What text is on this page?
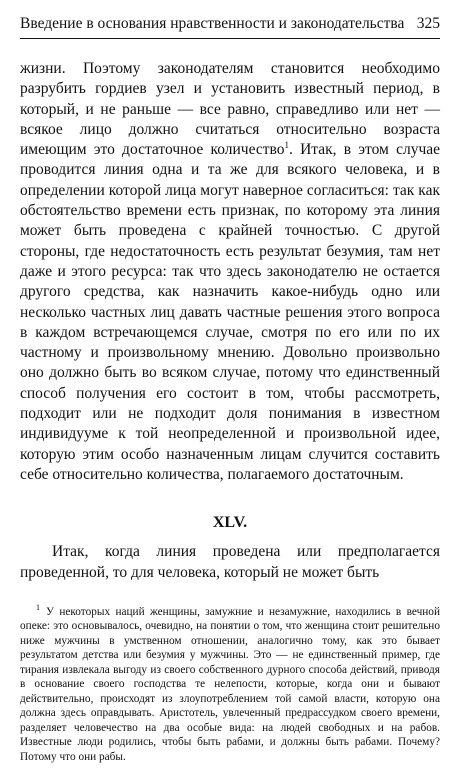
Введение в основания нравственности и законодательства 325

жизни. Поэтому законодателям становится необходимо разрубить гордиев узел и установить известный период, в который, и не раньше — все равно, справедливо или нет — всякое лицо должно считаться относительно возраста имеющим это достаточное количество$^1$. Итак, в этом случае проводится линия одна и та же для всякого человека, и в определении которой лица могут наверное согласиться: так как обстоятельство времени есть признак, по которому эта линия может быть проведена с крайней точностью. С другой стороны, где недостаточность есть результат безумия, там нет даже и этого ресурса: так что здесь законодателю не остается другого средства, как назначить какое-нибудь одно или несколько частных лиц давать частные решения этого вопроса в каждом встречающемся случае, смотря по его или по их частному и произвольному мнению. Довольно произвольно оно должно быть во всяком случае, потому что единственный способ получения его состоит в том, чтобы рассмотреть, подходит или не подходит доля понимания в известном индивидууме к той неопределенной и произвольной идее, которую этим особо назначенным лицам случится составить себе относительно количества, полагаемого достаточным.

XLV.

Итак, когда линия проведена или предполагается проведенной, то для человека, который не может быть

$^1$ У некоторых наций женщины, замужние и незамужние, находились в вечной опеке: это основывалось, очевидно, на понятии о том, что женщина стоит решительно ниже мужчины в умственном отношении, аналогично тому, как это бывает результатом детства или безумия у мужчины. Это — не единственный пример, где тирания извлекала выгоду из своего собственного дурного способа действий, приводя в основание своего господства те нелепости, которые, когда они и бывают действительно, происходят из злоупотреблением той самой власти, которую она должна здесь оправдывать. Аристотель, увлеченный предрассудком своего времени, разделяет человечество на два особые вида: на людей свободных и на рабов. Известные люди родились, чтобы быть рабами, и должны быть рабами. Почему? Потому что они рабы.
